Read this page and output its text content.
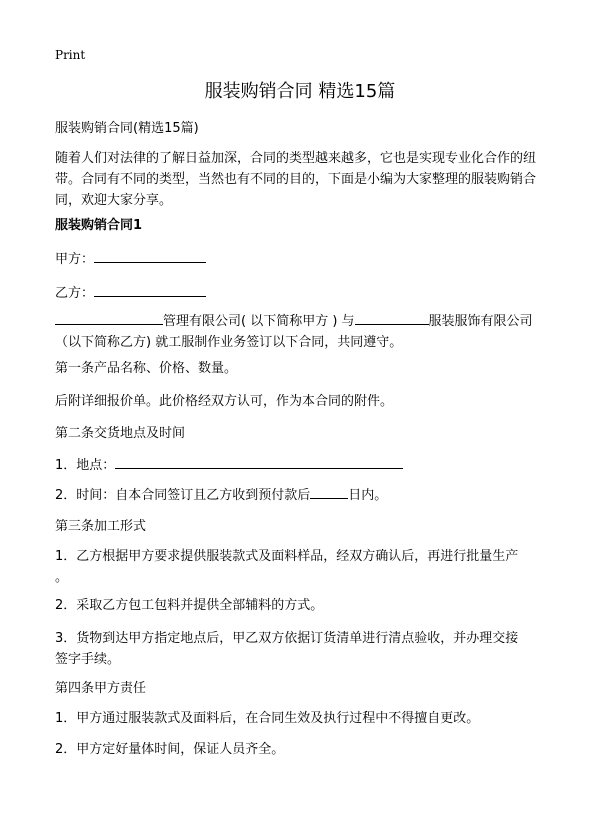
Print
服装购销合同 精选15篇

服装购销合同(精选15篇)

随着人们对法律的了解日益加深，合同的类型越来越多，它也是实现专业化合作的纽带。合同有不同的类型，当然也有不同的目的，下面是小编为大家整理的服装购销合同，欢迎大家分享。

服装购销合同1

甲方：
乙方：

管理有限公司( 以下简称甲方 ) 与	服装服饰有限公司

（以下简称乙方) 就工服制作业务签订以下合同，共同遵守。

第一条产品名称、价格、数量。

后附详细报价单。此价格经双方认可，作为本合同的附件。

第二条交货地点及时间

1．地点：
2．时间：自本合同签订且乙方收到预付款后	日内。

第三条加工形式

1．乙方根据甲方要求提供服装款式及面料样品，经双方确认后，再进行批量生产

。

2．采取乙方包工包料并提供全部辅料的方式。

3．货物到达甲方指定地点后，甲乙双方依据订货清单进行清点验收，并办理交接

签字手续。

第四条甲方责任

1．甲方通过服装款式及面料后，在合同生效及执行过程中不得擅自更改。

2．甲方定好量体时间，保证人员齐全。
